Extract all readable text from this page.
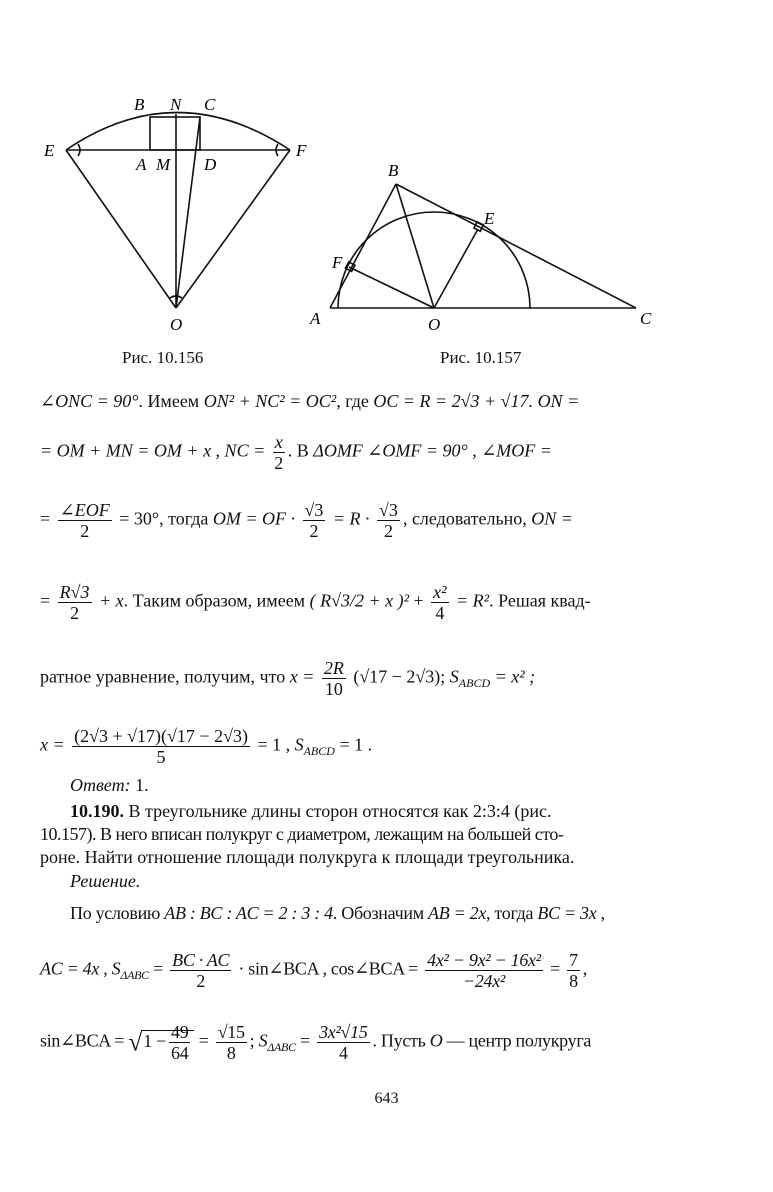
B N C
E	F
A M D
O
B
E
F
A	O	C
Рис. 10.156	Рис. 10.157
∠ONC = 90°. Имеем ON² + NC² = OC², где OC = R = 2√3 + √17. ON =
= OM + MN = OM + x , NC = $\frac{x}{2}$ . В ΔOMF ∠OMF = 90° , ∠MOF =
= $\frac{\text{∠EOF}}{2} = 30^\circ$, тогда OM = OF · $\frac{√3}{2} = R \cdot \frac{√3}{2}$ , следовательно, ON =
= $\frac{R√3}{2} + x$. Таким образом, имеем ( R√3/2 + x )$^2 + \frac{\text{x²}}{4} = R^2$. Решая квад-
ратное уравнение, получим, что $x = \frac{2R}{10} (√17 - 2√3)$; $S_{ABCD} = x^2$ ;
$x = \frac{(2√3 + √17)(√17 - 2√3)}{5} = 1$ , $S_{ABCD} = 1$ .
Ответ: 1.
10.190. В треугольнике длины сторон относятся как 2:3:4 (рис.
10.157). В него вписан полукруг с диаметром, лежащим на большей сто-
роне. Найти отношение площади полукруга к площади треугольника.
Решение.
По условию AB : BC : AC = 2 : 3 : 4. Обозначим AB = 2x, тогда BC = 3x ,
AC = 4x , $S_{\Delta ABC} = \frac{BC \cdot AC}{2}$ · sin∠BCA , cos∠BCA = $\frac{\text{4x² − 9x² − 16x²}}{\text{−24x²}} = \frac{7}{8}$ ,
sin∠BCA = $√1 - \frac{49}{64} = \frac{√15}{8}$ ; $S_{\Delta ABC} = \frac{\text{3x²√15}}{4}$ . Пусть O — центр полукруга
643
